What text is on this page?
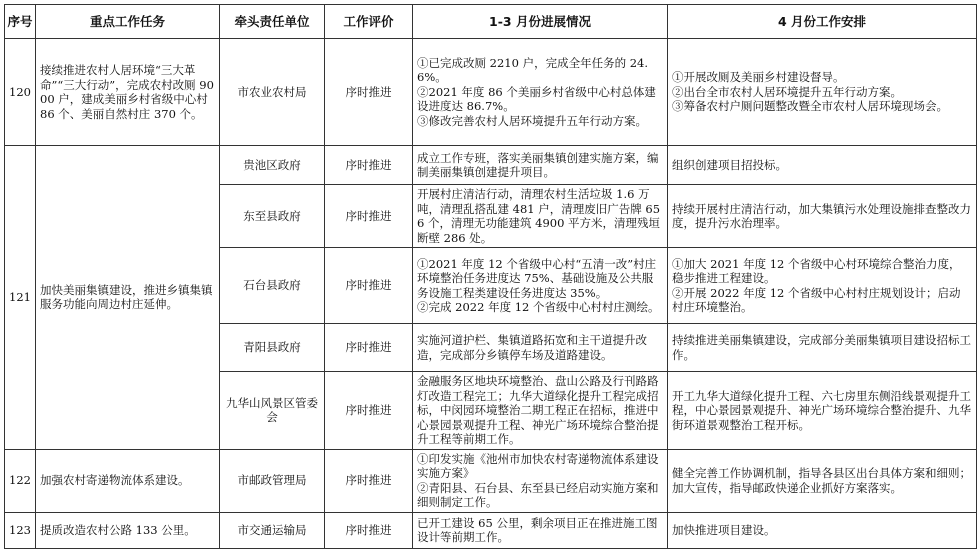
序号	重点工作任务	牵头责任单位	工作评价	1-3 月份进展情况	4 月份工作安排
120	接续推进农村人居环境“三大革命”“三大行动”，完成农村改厕 9000 户，建成美丽乡村省级中心村 86 个、美丽自然村庄 370 个。	市农业农村局	序时推进	①已完成改厕 2210 户，完成全年任务的 24.6%。
②2021 年度 86 个美丽乡村省级中心村总体建设进度达 86.7%。
③修改完善农村人居环境提升五年行动方案。	①开展改厕及美丽乡村建设督导。
②出台全市农村人居环境提升五年行动方案。
③筹备农村户厕问题整改暨全市农村人居环境现场会。

121	加快美丽集镇建设，推进乡镇集镇服务功能向周边村庄延伸。	贵池区政府	序时推进	成立工作专班，落实美丽集镇创建实施方案，编制美丽集镇创建提升项目。	组织创建项目招投标。

		东至县政府	序时推进	开展村庄清洁行动，清理农村生活垃圾 1.6 万吨，清理乱搭乱建 481 户，清理废旧广告牌 656 个，清理无功能建筑 4900 平方米，清理残垣断壁 286 处。	持续开展村庄清洁行动，加大集镇污水处理设施排查整改力度，提升污水治理率。

		石台县政府	序时推进	①2021 年度 12 个省级中心村“五清一改”村庄环境整治任务进度达 75%、基础设施及公共服务设施工程类建设任务进度达 35%。
②完成 2022 年度 12 个省级中心村村庄测绘。	①加大 2021 年度 12 个省级中心村环境综合整治力度，稳步推进工程建设。
②开展 2022 年度 12 个省级中心村村庄规划设计；启动村庄环境整治。

		青阳县政府	序时推进	实施河道护栏、集镇道路拓宽和主干道提升改造，完成部分乡镇停车场及道路建设。	持续推进美丽集镇建设，完成部分美丽集镇项目建设招标工作。

		九华山风景区管委会	序时推进	金融服务区地块环境整治、盘山公路及行刊路路灯改造工程完工；九华大道绿化提升工程完成招标，中闵园环境整治二期工程正在招标，推进中心景园景观提升工程、神光广场环境综合整治提升工程等前期工作。	开工九华大道绿化提升工程、六七房里东侧沿线景观提升工程，中心景园景观提升、神光广场环境综合整治提升、九华街环道景观整治工程开标。

122	加强农村寄递物流体系建设。	市邮政管理局	序时推进	①印发实施《池州市加快农村寄递物流体系建设实施方案》
②青阳县、石台县、东至县已经启动实施方案和细则制定工作。	健全完善工作协调机制，指导各县区出台具体方案和细则；加大宣传，指导邮政快递企业抓好方案落实。

123	提质改造农村公路 133 公里。	市交通运输局	序时推进	已开工建设 65 公里，剩余项目正在推进施工图设计等前期工作。	加快推进项目建设。
